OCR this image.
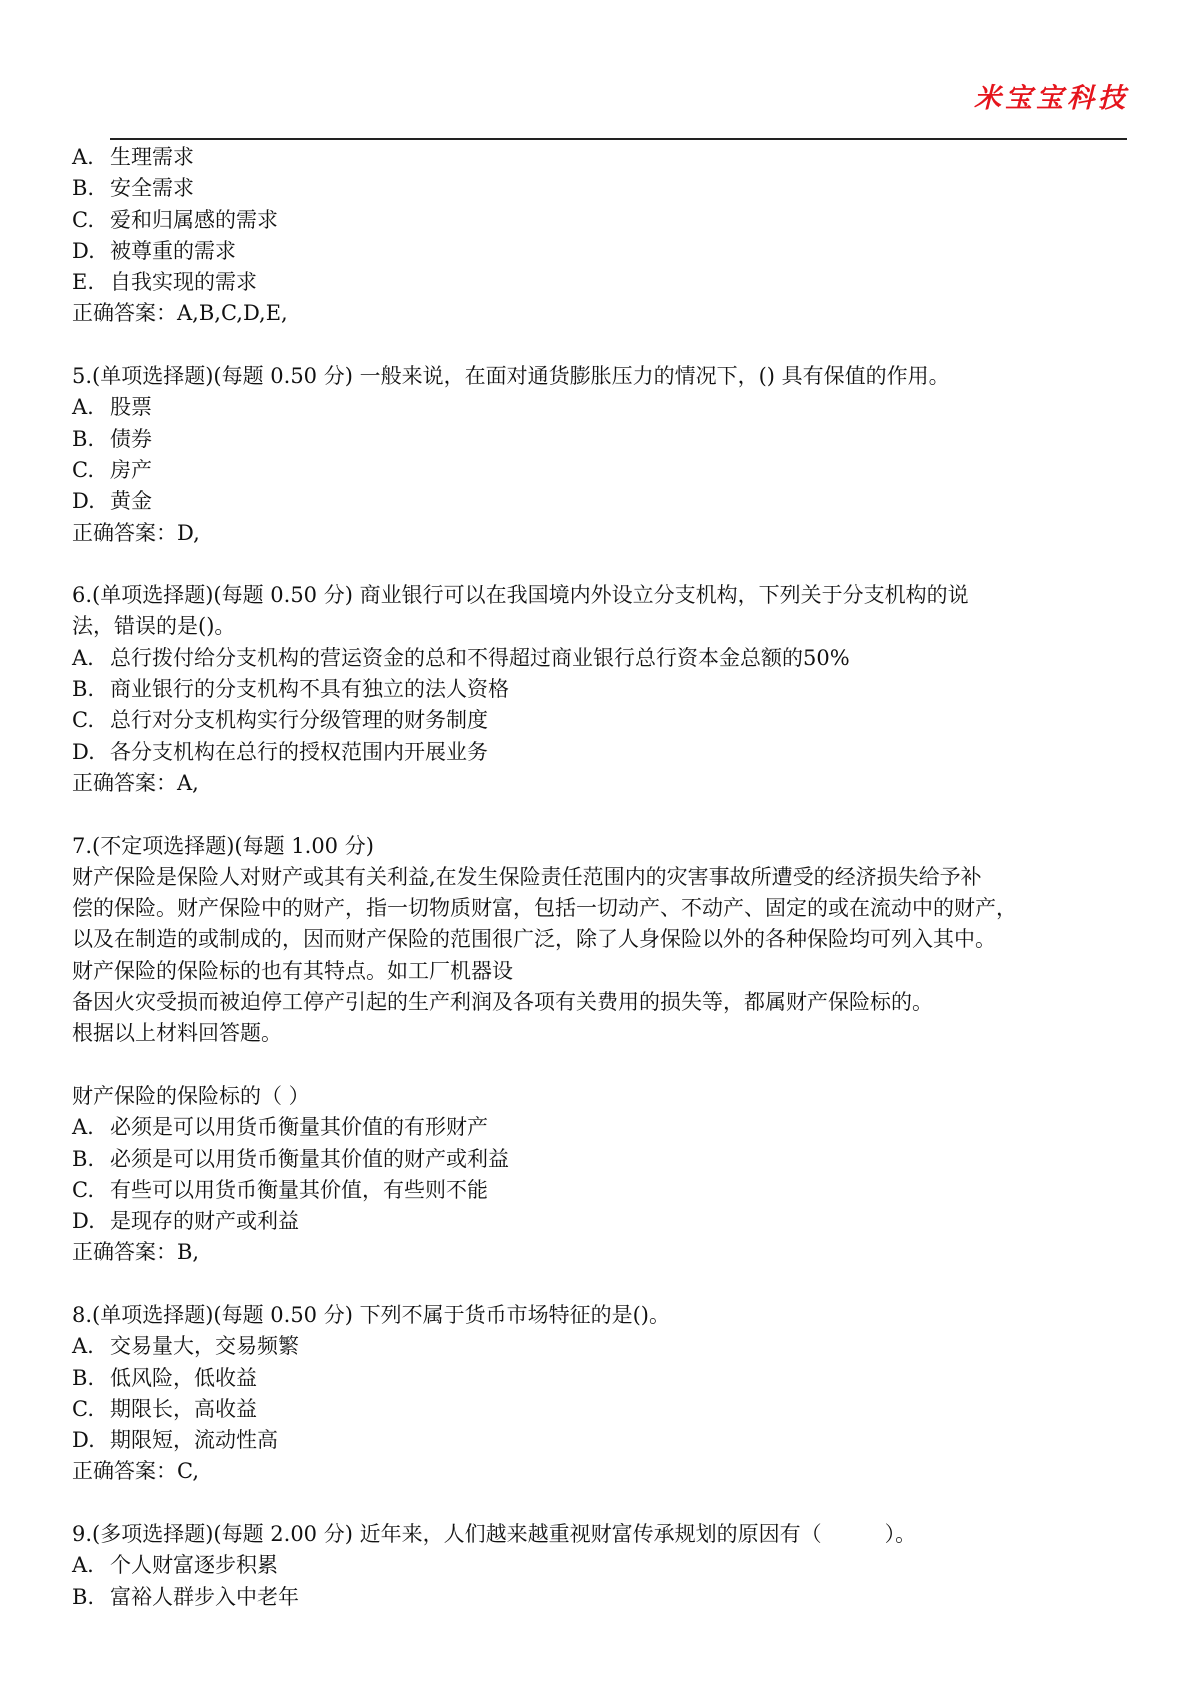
米宝宝科技
A. 生理需求
B. 安全需求
C. 爱和归属感的需求
D. 被尊重的需求
E. 自我实现的需求
正确答案：A,B,C,D,E,
5.(单项选择题)(每题 0.50 分) 一般来说，在面对通货膨胀压力的情况下，() 具有保值的作用。
A. 股票
B. 债券
C. 房产
D. 黄金
正确答案：D,
6.(单项选择题)(每题 0.50 分) 商业银行可以在我国境内外设立分支机构，下列关于分支机构的说
法，错误的是()。
A. 总行拨付给分支机构的营运资金的总和不得超过商业银行总行资本金总额的50%
B. 商业银行的分支机构不具有独立的法人资格
C. 总行对分支机构实行分级管理的财务制度
D. 各分支机构在总行的授权范围内开展业务
正确答案：A,
7.(不定项选择题)(每题 1.00 分)
财产保险是保险人对财产或其有关利益,在发生保险责任范围内的灾害事故所遭受的经济损失给予补
偿的保险。财产保险中的财产，指一切物质财富，包括一切动产、不动产、固定的或在流动中的财产，
以及在制造的或制成的，因而财产保险的范围很广泛，除了人身保险以外的各种保险均可列入其中。
财产保险的保险标的也有其特点。如工厂机器设
备因火灾受损而被迫停工停产引起的生产利润及各项有关费用的损失等，都属财产保险标的。
根据以上材料回答题。
财产保险的保险标的（ ）
A. 必须是可以用货币衡量其价值的有形财产
B. 必须是可以用货币衡量其价值的财产或利益
C. 有些可以用货币衡量其价值，有些则不能
D. 是现存的财产或利益
正确答案：B,
8.(单项选择题)(每题 0.50 分) 下列不属于货币市场特征的是()。
A. 交易量大，交易频繁
B. 低风险，低收益
C. 期限长，高收益
D. 期限短，流动性高
正确答案：C,
9.(多项选择题)(每题 2.00 分) 近年来，人们越来越重视财富传承规划的原因有（　　　）。
A. 个人财富逐步积累
B. 富裕人群步入中老年
